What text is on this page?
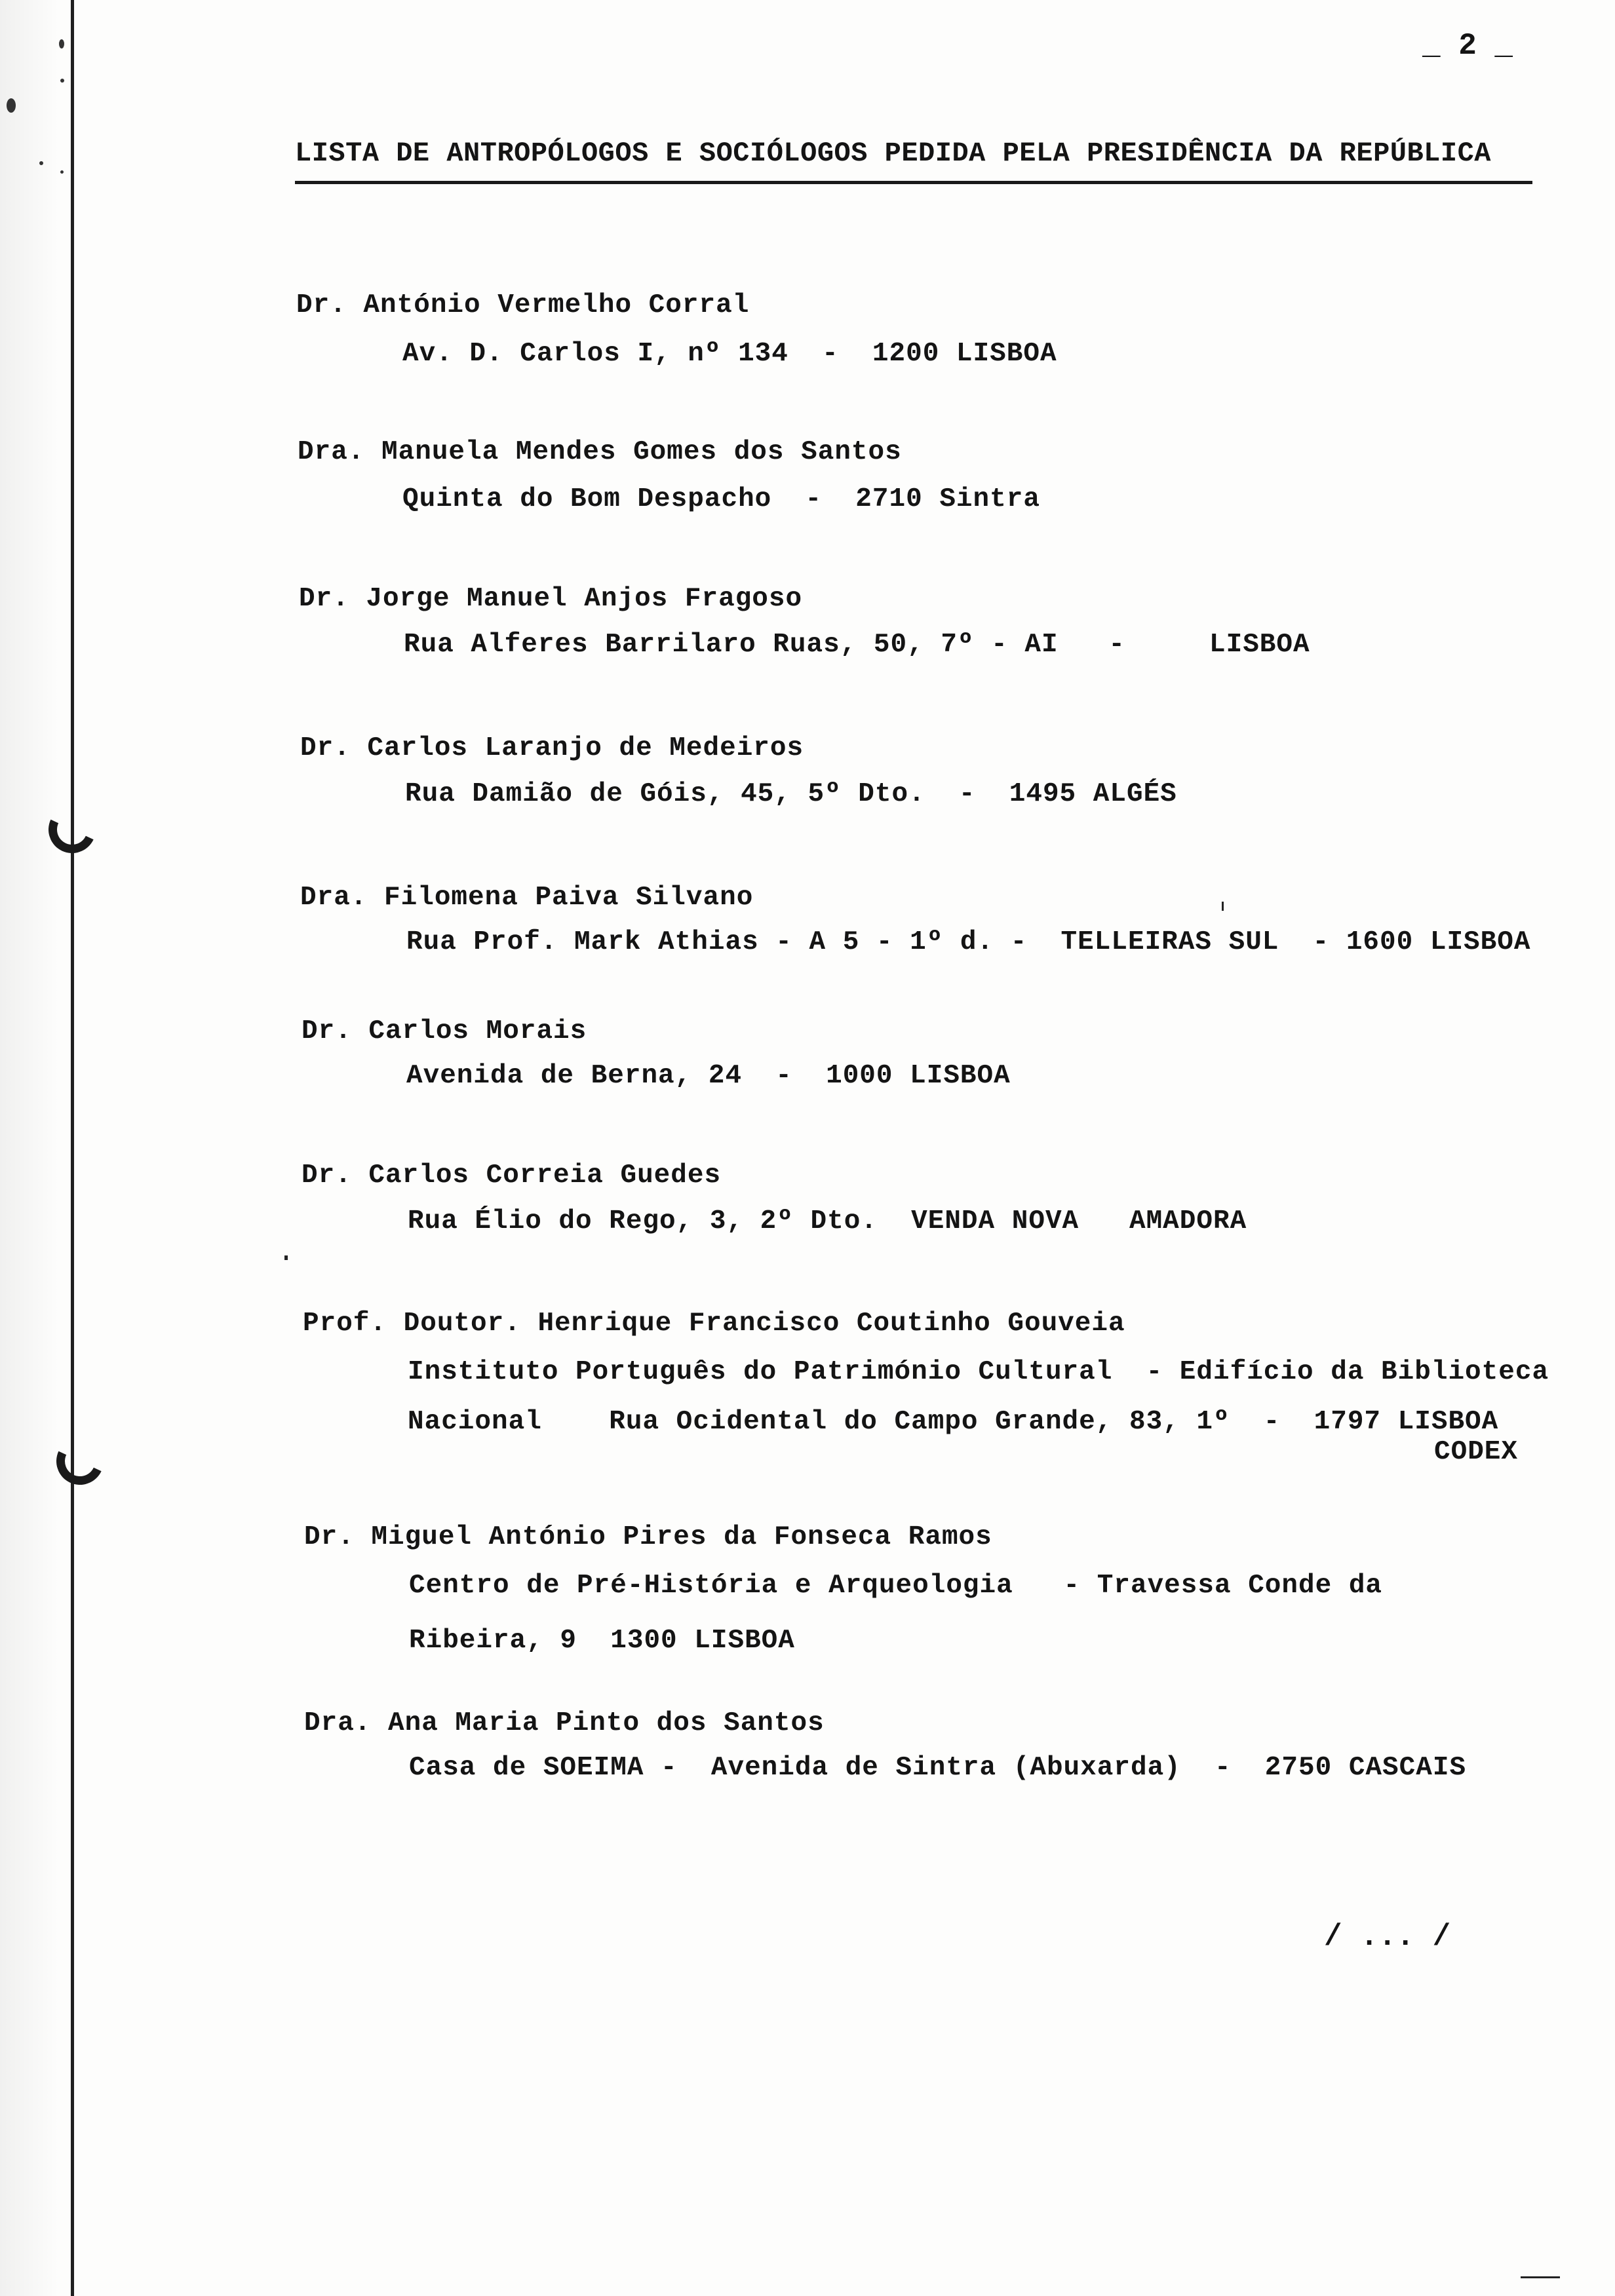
_ 2 _
LISTA DE ANTROPÓLOGOS E SOCIÓLOGOS PEDIDA PELA PRESIDÊNCIA DA REPÚBLICA
Dr. António Vermelho Corral
Av. D. Carlos I, nº 134  -  1200 LISBOA
Dra. Manuela Mendes Gomes dos Santos
Quinta do Bom Despacho  -  2710 Sintra
Dr. Jorge Manuel Anjos Fragoso
Rua Alferes Barrilaro Ruas, 50, 7º - AI   -     LISBOA
Dr. Carlos Laranjo de Medeiros
Rua Damião de Góis, 45, 5º Dto.  -  1495 ALGÉS
Dra. Filomena Paiva Silvano
Rua Prof. Mark Athias - A 5 - 1º d. -  TELLEIRAS SUL  - 1600 LISBOA
Dr. Carlos Morais
Avenida de Berna, 24  -  1000 LISBOA
Dr. Carlos Correia Guedes
Rua Élio do Rego, 3, 2º Dto.  VENDA NOVA   AMADORA
Prof. Doutor. Henrique Francisco Coutinho Gouveia
Instituto Português do Património Cultural  - Edifício da Biblioteca
Nacional    Rua Ocidental do Campo Grande, 83, 1º  -  1797 LISBOA
CODEX
Dr. Miguel António Pires da Fonseca Ramos
Centro de Pré-História e Arqueologia   - Travessa Conde da
Ribeira, 9  1300 LISBOA
Dra. Ana Maria Pinto dos Santos
Casa de SOEIMA -  Avenida de Sintra (Abuxarda)  -  2750 CASCAIS
/ ... /
